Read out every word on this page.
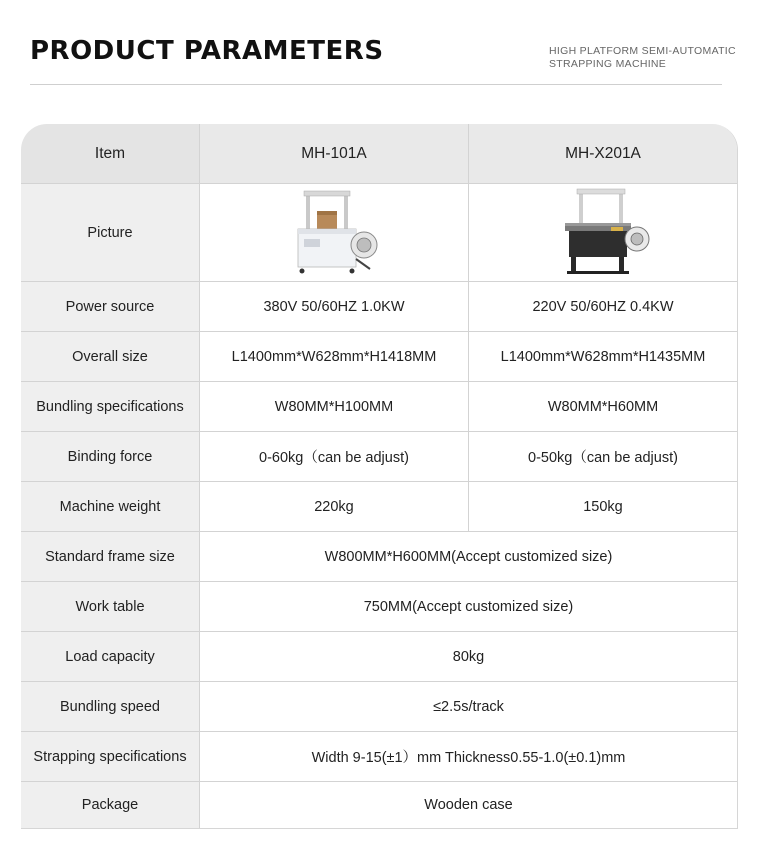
PRODUCT PARAMETERS	HIGH PLATFORM SEMI-AUTOMATIC
STRAPPING MACHINE
Item	MH-101A	MH-X201A
Picture
Power source	380V 50/60HZ 1.0KW	220V 50/60HZ 0.4KW
Overall size	L1400mm*W628mm*H1418MM	L1400mm*W628mm*H1435MM
Bundling specifications	W80MM*H100MM	W80MM*H60MM
Binding force	0-60kg（can be adjust)	0-50kg（can be adjust)
Machine weight	220kg	150kg
Standard frame size	W800MM*H600MM(Accept customized size)
Work table	750MM(Accept customized size)
Load capacity	80kg
Bundling speed	≤2.5s/track
Strapping specifications	Width 9-15(±1）mm Thickness0.55-1.0(±0.1)mm
Package	Wooden case
